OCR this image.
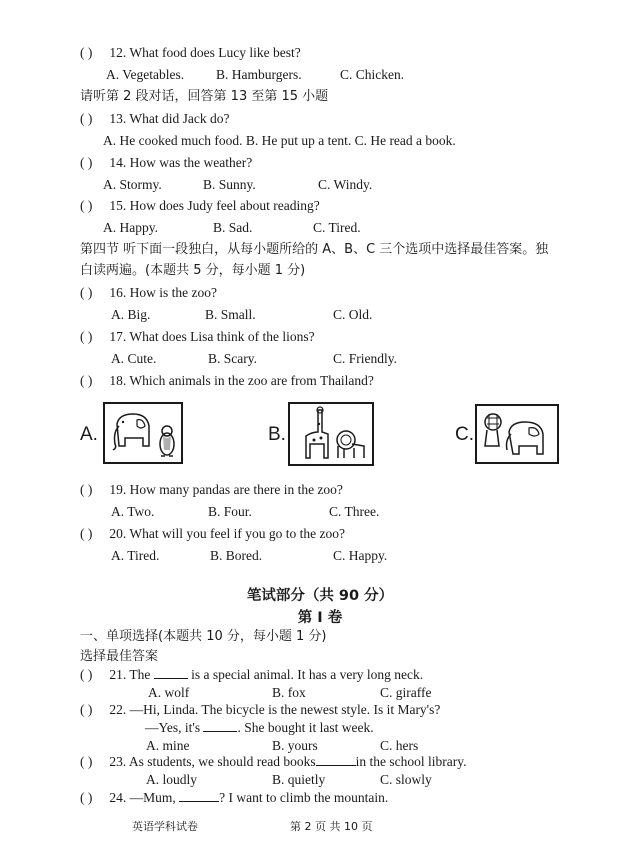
( ) 12. What food does Lucy like best?
A. Vegetables. B. Hamburgers.	C. Chicken.
请听第 2 段对话，回答第 13 至第 15 小题
( ) 13. What did Jack do?
A. He cooked much food. B. He put up a tent. C. He read a book.
( ) 14. How was the weather?
A. Stormy.	B. Sunny.	C. Windy.
( ) 15. How does Judy feel about reading?
A. Happy.	B. Sad.	C. Tired.
第四节 听下面一段独白，从每小题所给的 A、B、C 三个选项中选择最佳答案。独
白读两遍。(本题共 5 分，每小题 1 分)
( ) 16. How is the zoo?
A. Big.	B. Small.	C. Old.
( ) 17. What does Lisa think of the lions?
A. Cute.	B. Scary.	C. Friendly.
( ) 18. Which animals in the zoo are from Thailand?
A.	B.	C.
( ) 19. How many pandas are there in the zoo?
A. Two.	B. Four.	C. Three.
( ) 20. What will you feel if you go to the zoo?
A. Tired.	B. Bored.	C. Happy.
笔试部分（共 90 分）
第 I 卷
一、单项选择(本题共 10 分，每小题 1 分)
选择最佳答案
( ) 21. The	is a special animal. It has a very long neck.
A. wolf	B. fox	C. giraffe
( ) 22. —Hi, Linda. The bicycle is the newest style. Is it Mary's?
—Yes, it's	. She bought it last week.
A. mine	B. yours	C. hers
( ) 23. As students, we should read books	in the school library.
A. loudly	B. quietly	C. slowly
( ) 24. —Mum,	? I want to climb the mountain.
英语学科试卷	第 2 页 共 10 页
